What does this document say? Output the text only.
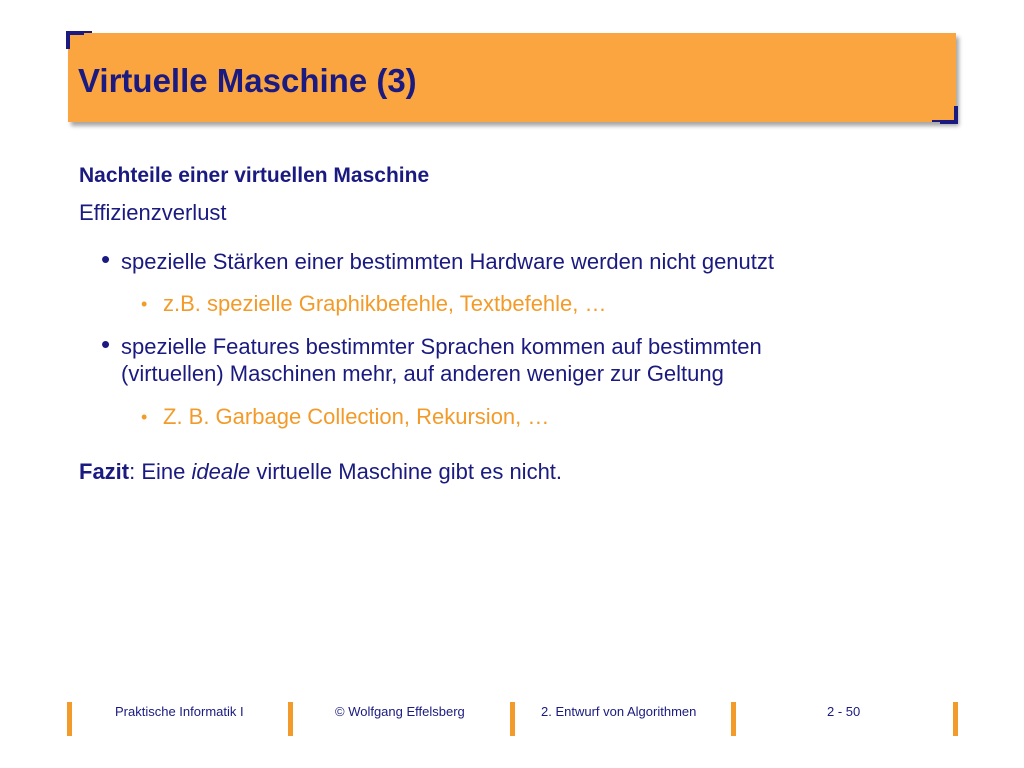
Virtuelle Maschine (3)
Nachteile einer virtuellen Maschine
Effizienzverlust
• spezielle Stärken einer bestimmten Hardware werden nicht genutzt
• z.B. spezielle Graphikbefehle, Textbefehle, …
• spezielle Features bestimmter Sprachen kommen auf bestimmten
(virtuellen) Maschinen mehr, auf anderen weniger zur Geltung
• Z. B. Garbage Collection, Rekursion, …
Fazit: Eine ideale virtuelle Maschine gibt es nicht.
Praktische Informatik I	© Wolfgang Effelsberg	2. Entwurf von Algorithmen	2 - 50
